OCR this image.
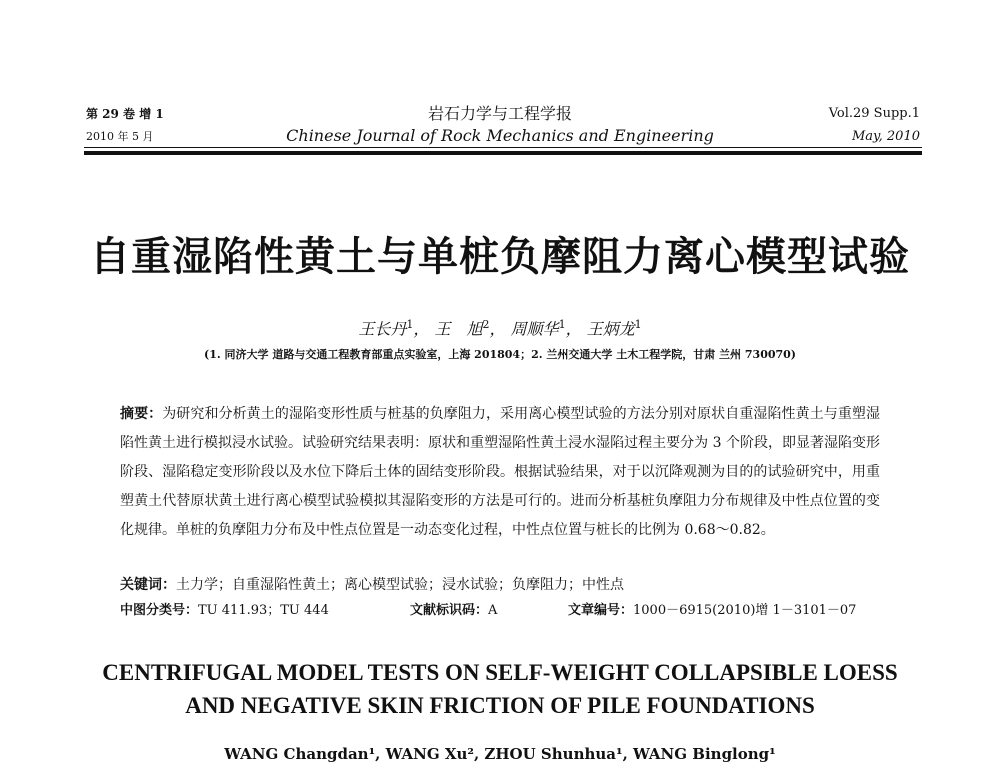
第 29 卷 增 1
2010 年 5 月
岩石力学与工程学报
Chinese Journal of Rock Mechanics and Engineering
Vol.29 Supp.1
May, 2010
自重湿陷性黄土与单桩负摩阻力离心模型试验
王长丹$^1$， 王　旭$^2$， 周顺华$^1$， 王炳龙$^1$
(1. 同济大学 道路与交通工程教育部重点实验室，上海 201804；2. 兰州交通大学 土木工程学院，甘肃 兰州 730070)
摘要：为研究和分析黄土的湿陷变形性质与桩基的负摩阻力，采用离心模型试验的方法分别对原状自重湿陷性黄土与重塑湿陷性黄土进行模拟浸水试验。试验研究结果表明：原状和重塑湿陷性黄土浸水湿陷过程主要分为 3 个阶段，即显著湿陷变形阶段、湿陷稳定变形阶段以及水位下降后土体的固结变形阶段。根据试验结果，对于以沉降观测为目的的试验研究中，用重塑黄土代替原状黄土进行离心模型试验模拟其湿陷变形的方法是可行的。进而分析基桩负摩阻力分布规律及中性点位置的变化规律。单桩的负摩阻力分布及中性点位置是一动态变化过程，中性点位置与桩长的比例为 0.68～0.82。
关键词：土力学；自重湿陷性黄土；离心模型试验；浸水试验；负摩阻力；中性点
中图分类号：TU 411.93；TU 444	文献标识码：A	文章编号：1000－6915(2010)增 1－3101－07
CENTRIFUGAL MODEL TESTS ON SELF-WEIGHT COLLAPSIBLE LOESS
AND NEGATIVE SKIN FRICTION OF PILE FOUNDATIONS
WANG Changdan¹, WANG Xu², ZHOU Shunhua¹, WANG Binglong¹
